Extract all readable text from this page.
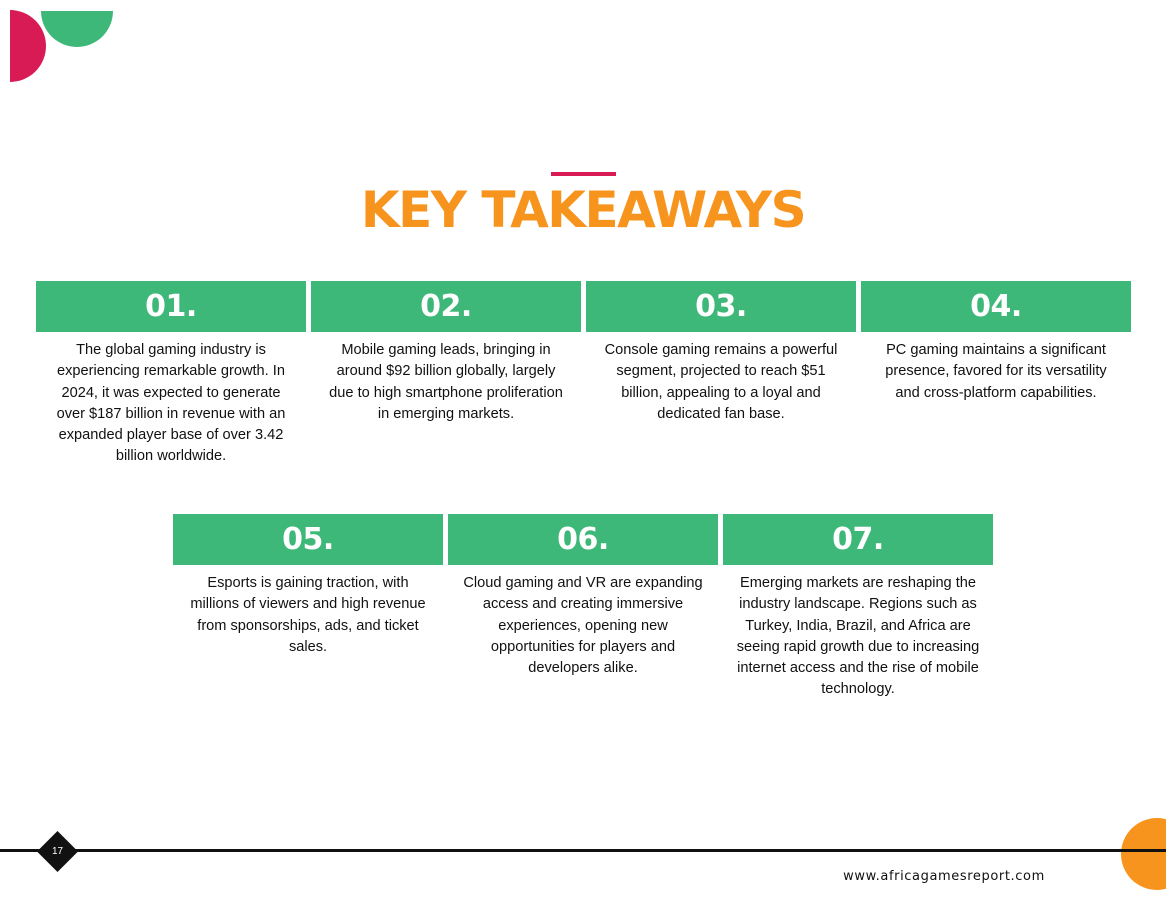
KEY TAKEAWAYS
01.
The global gaming industry is experiencing remarkable growth. In 2024, it was expected to generate over $187 billion in revenue with an expanded player base of over 3.42 billion worldwide.
02.
Mobile gaming leads, bringing in around $92 billion globally, largely due to high smartphone proliferation in emerging markets.
03.
Console gaming remains a powerful segment, projected to reach $51 billion, appealing to a loyal and dedicated fan base.
04.
PC gaming maintains a significant presence, favored for its versatility and cross-platform capabilities.
05.
Esports is gaining traction, with millions of viewers and high revenue from sponsorships, ads, and ticket sales.
06.
Cloud gaming and VR are expanding access and creating immersive experiences, opening new opportunities for players and developers alike.
07.
Emerging markets are reshaping the industry landscape. Regions such as Turkey, India, Brazil, and Africa are seeing rapid growth due to increasing internet access and the rise of mobile technology.
17
www.africagamesreport.com
